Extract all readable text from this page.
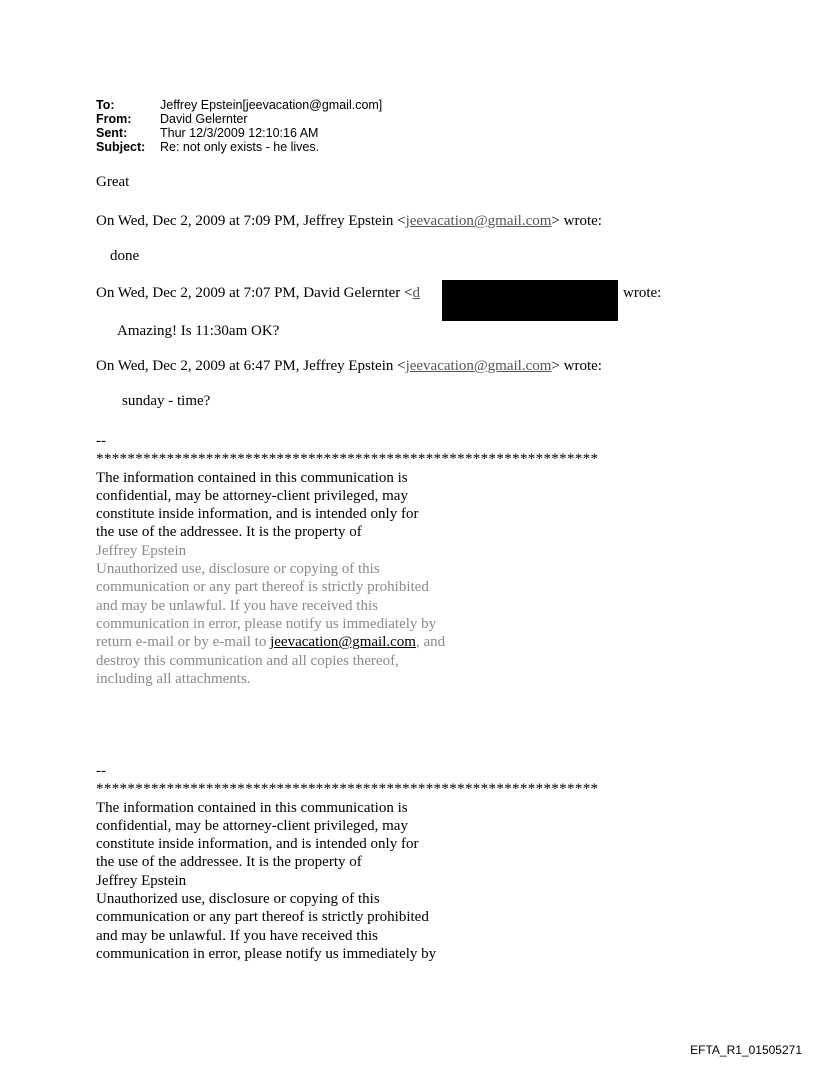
To:	Jeffrey Epstein[jeevacation@gmail.com]
From:	David Gelernter
Sent:	Thur 12/3/2009 12:10:16 AM
Subject:	Re: not only exists - he lives.
Great
On Wed, Dec 2, 2009 at 7:09 PM, Jeffrey Epstein <jeevacation@gmail.com> wrote:
done
On Wed, Dec 2, 2009 at 7:07 PM, David Gelernter <d	wrote:
Amazing! Is 11:30am OK?
On Wed, Dec 2, 2009 at 6:47 PM, Jeffrey Epstein <jeevacation@gmail.com> wrote:
sunday - time?
--
****************************************************************
The information contained in this communication is
confidential, may be attorney-client privileged, may
constitute inside information, and is intended only for
the use of the addressee. It is the property of
Jeffrey Epstein
Unauthorized use, disclosure or copying of this
communication or any part thereof is strictly prohibited
and may be unlawful. If you have received this
communication in error, please notify us immediately by
return e-mail or by e-mail to jeevacation@gmail.com, and
destroy this communication and all copies thereof,
including all attachments.
--
****************************************************************
The information contained in this communication is
confidential, may be attorney-client privileged, may
constitute inside information, and is intended only for
the use of the addressee. It is the property of
Jeffrey Epstein
Unauthorized use, disclosure or copying of this
communication or any part thereof is strictly prohibited
and may be unlawful. If you have received this
communication in error, please notify us immediately by
EFTA_R1_01505271
